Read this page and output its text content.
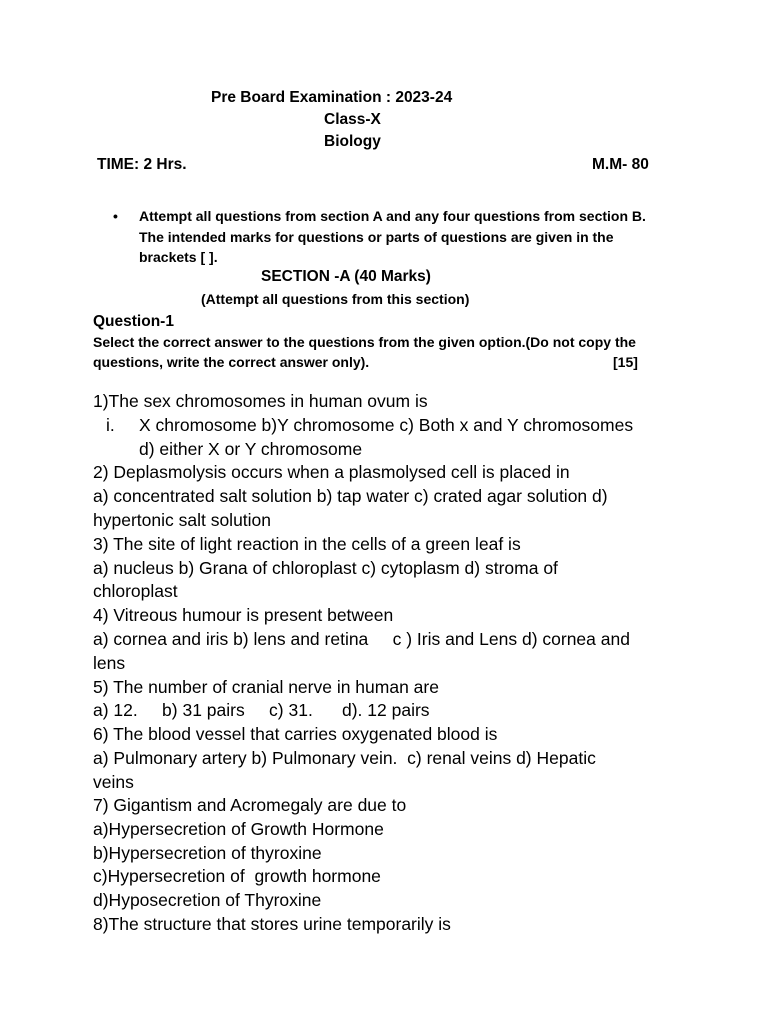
Pre Board Examination : 2023-24
Class-X
Biology
TIME: 2 Hrs.	M.M- 80
• Attempt all questions from section A and any four questions from section B.
The intended marks for questions or parts of questions are given in the
brackets [ ].
SECTION -A (40 Marks)
(Attempt all questions from this section)
Question-1
Select the correct answer to the questions from the given option.(Do not copy the
questions, write the correct answer only).	[15]
1)The sex chromosomes in human ovum is
i. X chromosome b)Y chromosome c) Both x and Y chromosomes
d) either X or Y chromosome
2) Deplasmolysis occurs when a plasmolysed cell is placed in
a) concentrated salt solution b) tap water c) crated agar solution d)
hypertonic salt solution
3) The site of light reaction in the cells of a green leaf is
a) nucleus b) Grana of chloroplast c) cytoplasm d) stroma of
chloroplast
4) Vitreous humour is present between
a) cornea and iris b) lens and retina     c ) Iris and Lens d) cornea and
lens
5) The number of cranial nerve in human are
a) 12.     b) 31 pairs     c) 31.      d). 12 pairs
6) The blood vessel that carries oxygenated blood is
a) Pulmonary artery b) Pulmonary vein.  c) renal veins d) Hepatic
veins
7) Gigantism and Acromegaly are due to
a)Hypersecretion of Growth Hormone
b)Hypersecretion of thyroxine
c)Hypersecretion of  growth hormone
d)Hyposecretion of Thyroxine
8)The structure that stores urine temporarily is
